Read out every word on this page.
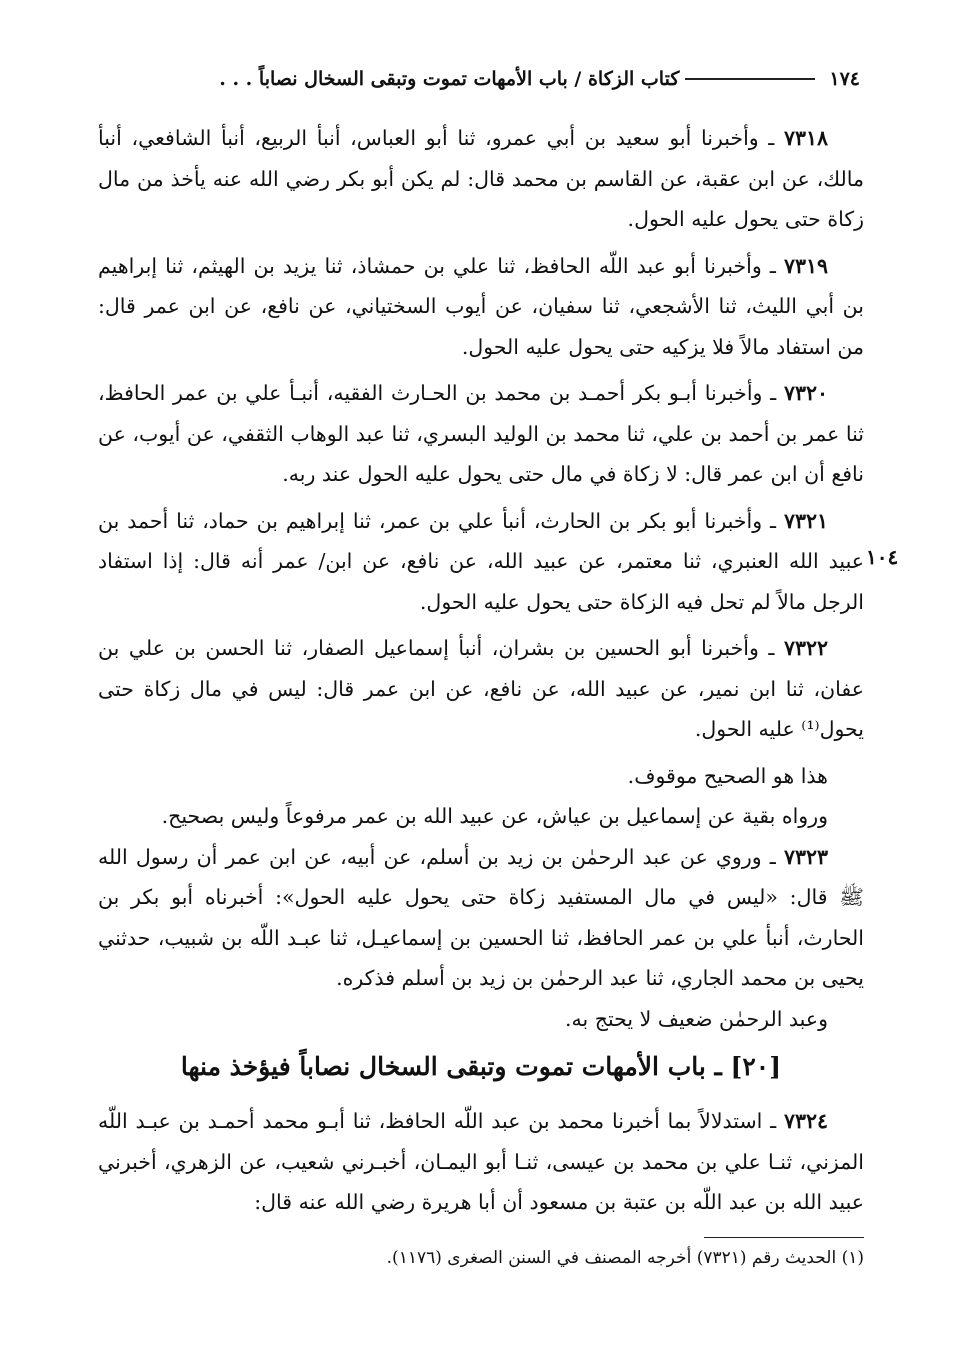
١٧٤
كتاب الزكاة / باب الأمهات تموت وتبقى السخال نصاباً . . .
١٠٤

٧٣١٨ ـ وأخبرنا أبو سعيد بن أبي عمرو، ثنا أبو العباس، أنبأ الربيع، أنبأ الشافعي، أنبأ مالك، عن ابن عقبة، عن القاسم بن محمد قال: لم يكن أبو بكر رضي الله عنه يأخذ من مال زكاة حتى يحول عليه الحول.

٧٣١٩ ـ وأخبرنا أبو عبد اللّه الحافظ، ثنا علي بن حمشاذ، ثنا يزيد بن الهيثم، ثنا إبراهيم بن أبي الليث، ثنا الأشجعي، ثنا سفيان، عن أيوب السختياني، عن نافع، عن ابن عمر قال: من استفاد مالاً فلا يزكيه حتى يحول عليه الحول.

٧٣٢٠ ـ وأخبرنا أبـو بكر أحمـد بن محمد بن الحـارث الفقيه، أنبـأ علي بن عمر الحافظ، ثنا عمر بن أحمد بن علي، ثنا محمد بن الوليد البسري، ثنا عبد الوهاب الثقفي، عن أيوب، عن نافع أن ابن عمر قال: لا زكاة في مال حتى يحول عليه الحول عند ربه.

٧٣٢١ ـ وأخبرنا أبو بكر بن الحارث، أنبأ علي بن عمر، ثنا إبراهيم بن حماد، ثنا أحمد بن عبيد الله العنبري، ثنا معتمر، عن عبيد الله، عن نافع، عن ابن/ عمر أنه قال: إذا استفاد الرجل مالاً لم تحل فيه الزكاة حتى يحول عليه الحول.

٧٣٢٢ ـ وأخبرنا أبو الحسين بن بشران، أنبأ إسماعيل الصفار، ثنا الحسن بن علي بن عفان، ثنا ابن نمير، عن عبيد الله، عن نافع، عن ابن عمر قال: ليس في مال زكاة حتى يحول⁽¹⁾ عليه الحول.

هذا هو الصحيح موقوف.

ورواه بقية عن إسماعيل بن عياش، عن عبيد الله بن عمر مرفوعاً وليس بصحيح.

٧٣٢٣ ـ وروي عن عبد الرحمٰن بن زيد بن أسلم، عن أبيه، عن ابن عمر أن رسول الله ﷺ قال: «ليس في مال المستفيد زكاة حتى يحول عليه الحول»: أخبرناه أبو بكر بن الحارث، أنبأ علي بن عمر الحافظ، ثنا الحسين بن إسماعيـل، ثنا عبـد اللّه بن شبيب، حدثني يحيى بن محمد الجاري، ثنا عبد الرحمٰن بن زيد بن أسلم فذكره.

وعبد الرحمٰن ضعيف لا يحتج به.

[٢٠] ـ باب الأمهات تموت وتبقى السخال نصاباً فيؤخذ منها

٧٣٢٤ ـ استدلالاً بما أخبرنا محمد بن عبد اللّه الحافظ، ثنا أبـو محمد أحمـد بن عبـد اللّه المزني، ثنـا علي بن محمد بن عيسى، ثنـا أبو اليمـان، أخبـرني شعيب، عن الزهري، أخبرني عبيد الله بن عبد اللّه بن عتبة بن مسعود أن أبا هريرة رضي الله عنه قال:

(١) الحديث رقم (٧٣٢١) أخرجه المصنف في السنن الصغرى (١١٧٦).
